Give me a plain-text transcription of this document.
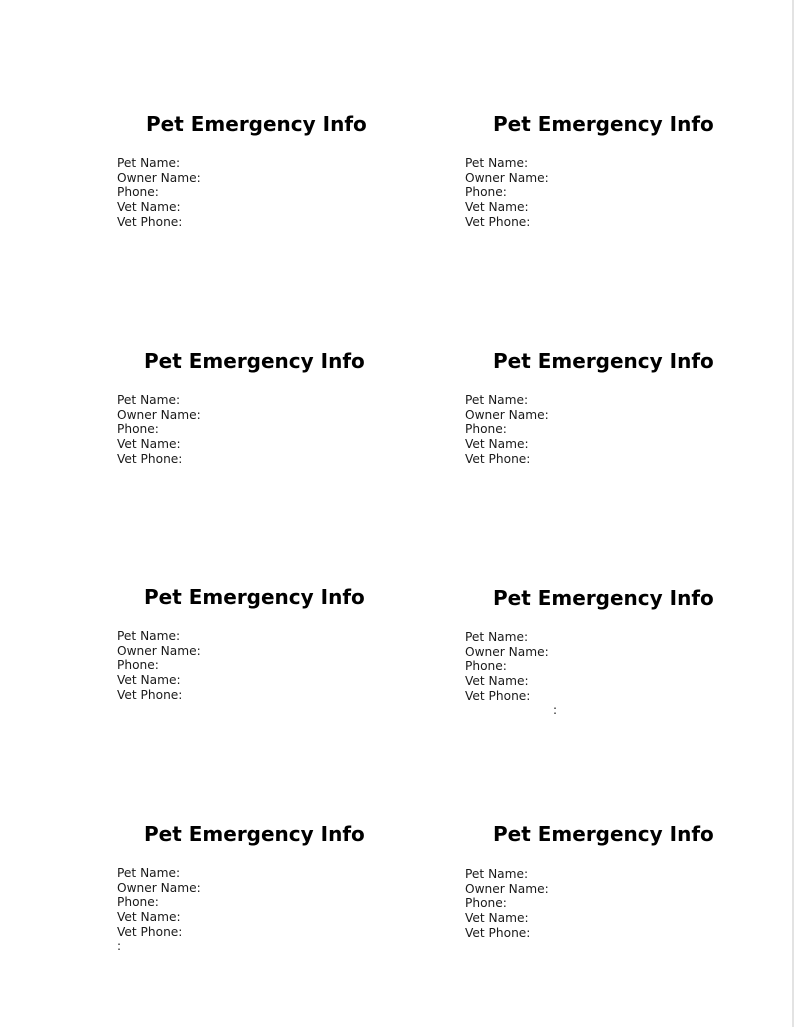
Pet Emergency Info
Pet Name:
Owner Name:
Phone:
Vet Name:
Vet Phone:
Pet Emergency Info
Pet Name:
Owner Name:
Phone:
Vet Name:
Vet Phone:
Pet Emergency Info
Pet Name:
Owner Name:
Phone:
Vet Name:
Vet Phone:
Pet Emergency Info
Pet Name:
Owner Name:
Phone:
Vet Name:
Vet Phone:
Pet Emergency Info
Pet Name:
Owner Name:
Phone:
Vet Name:
Vet Phone:
Pet Emergency Info
Pet Name:
Owner Name:
Phone:
Vet Name:
Vet Phone:
:
Pet Emergency Info
Pet Name:
Owner Name:
Phone:
Vet Name:
Vet Phone:
:
Pet Emergency Info
Pet Name:
Owner Name:
Phone:
Vet Name:
Vet Phone:
